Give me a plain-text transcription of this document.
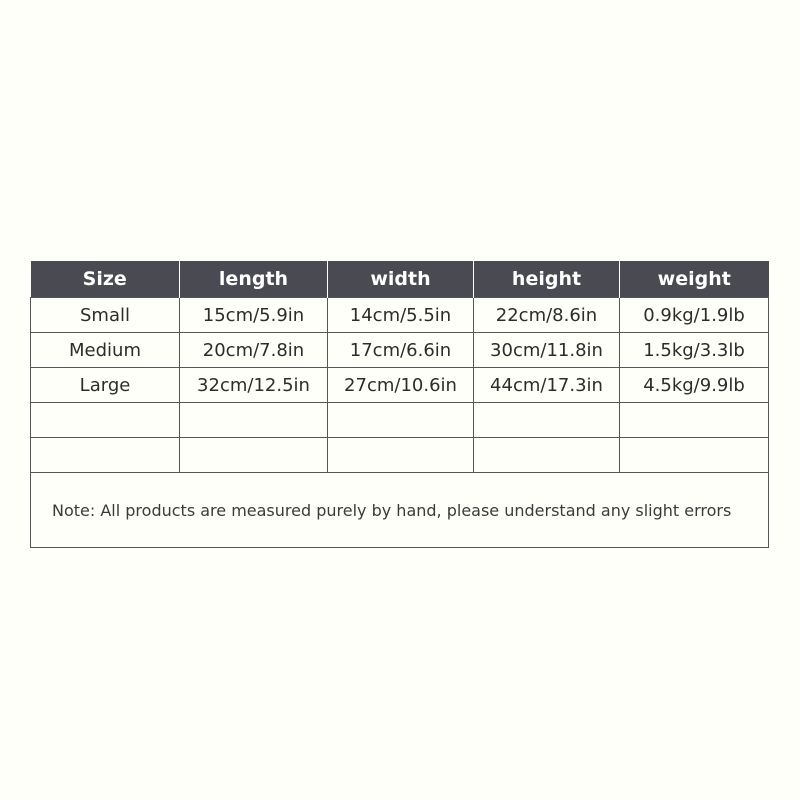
Size	length	width	height	weight
Small	15cm/5.9in	14cm/5.5in	22cm/8.6in	0.9kg/1.9lb
Medium	20cm/7.8in	17cm/6.6in	30cm/11.8in	1.5kg/3.3lb
Large	32cm/12.5in	27cm/10.6in	44cm/17.3in	4.5kg/9.9lb

Note: All products are measured purely by hand, please understand any slight errors				
